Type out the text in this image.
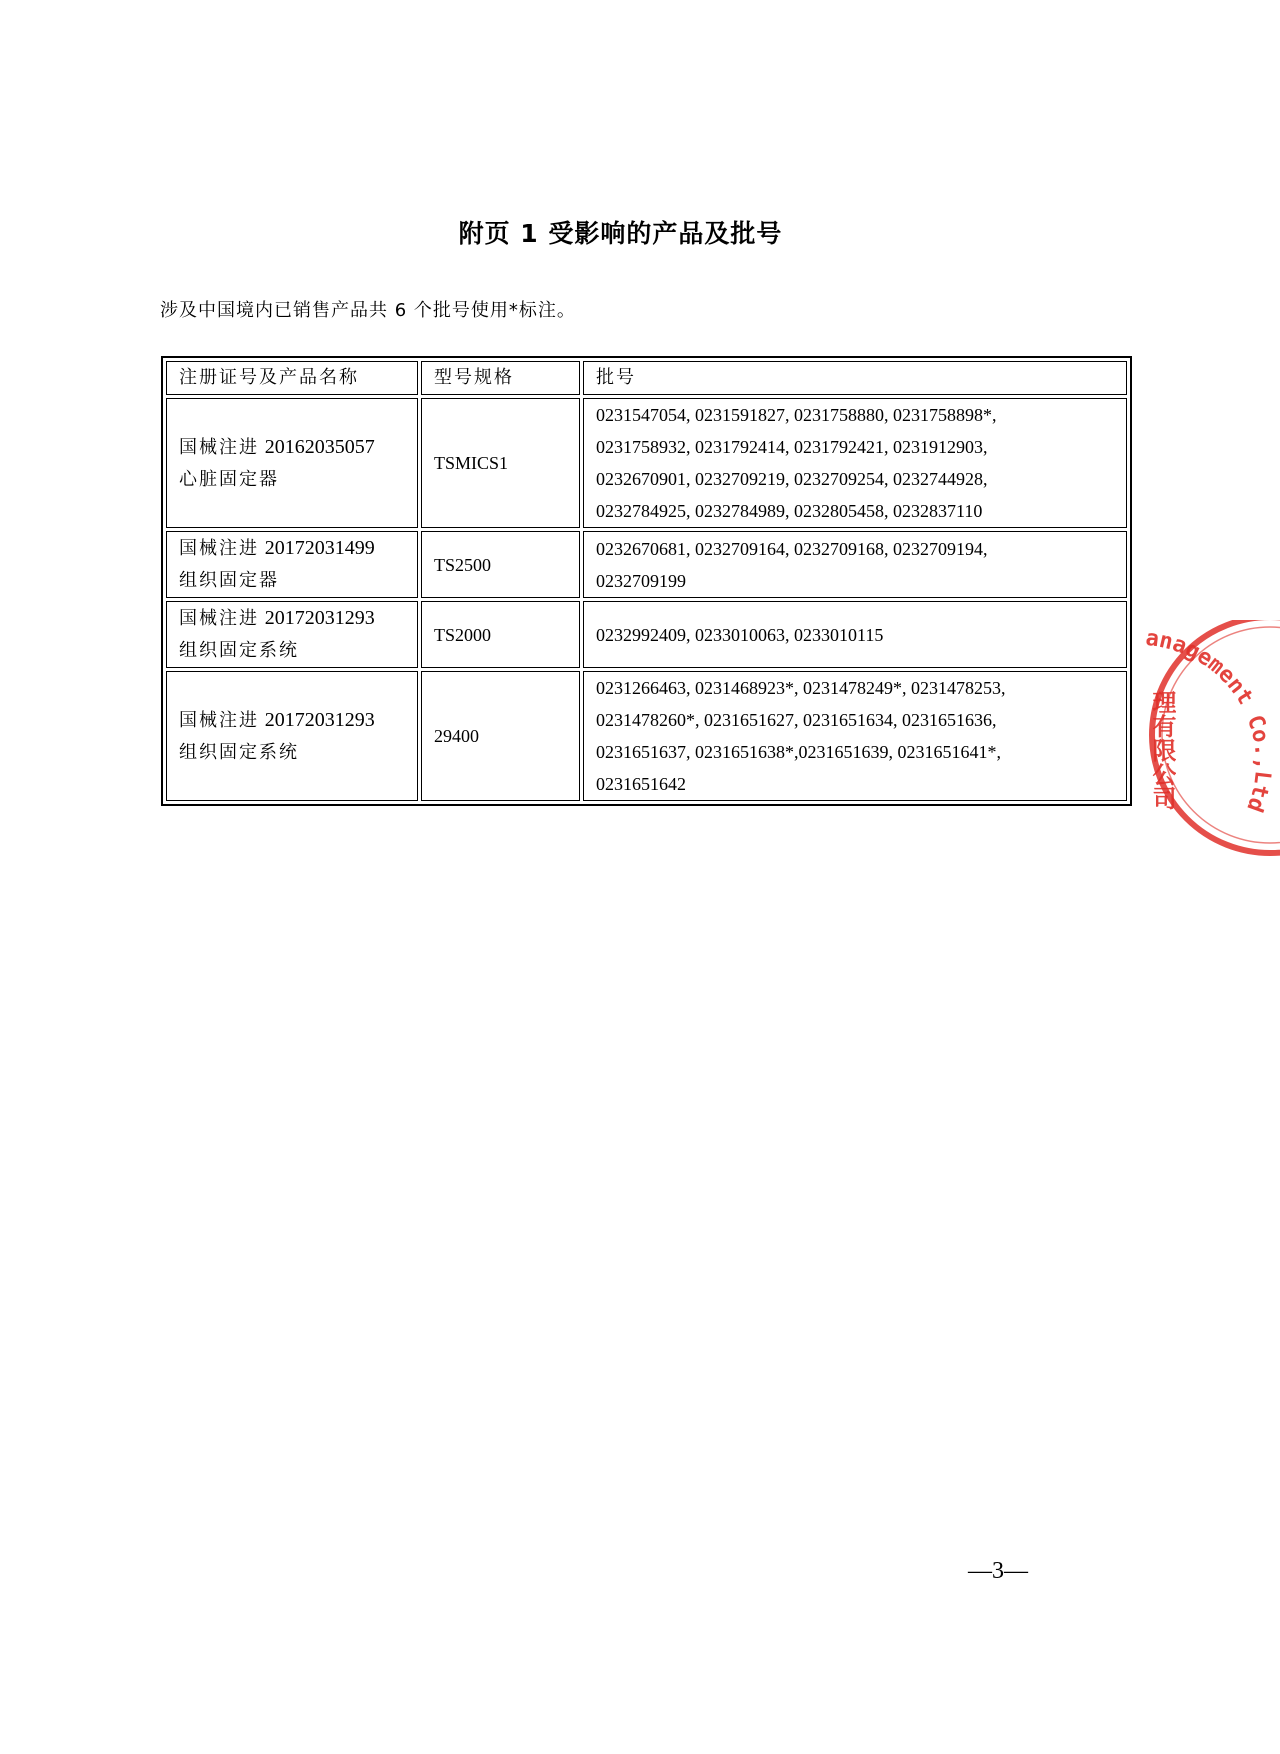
附页 1 受影响的产品及批号
涉及中国境内已销售产品共 6 个批号使用*标注。
注册证号及产品名称	型号规格	批号
国械注进 20162035057
心脏固定器	TSMICS1	0231547054, 0231591827, 0231758880, 0231758898*,
0231758932, 0231792414, 0231792421, 0231912903,
0232670901, 0232709219, 0232709254, 0232744928,
0232784925, 0232784989, 0232805458, 0232837110

国械注进 20172031499
组织固定器	TS2500	0232670681, 0232709164, 0232709168, 0232709194,
0232709199

国械注进 20172031293
组织固定系统	TS2000	0232992409, 0233010063, 0233010115

国械注进 20172031293
组织固定系统	29400	0231266463, 0231468923*, 0231478249*, 0231478253,
0231478260*, 0231651627, 0231651634, 0231651636,
0231651637, 0231651638*,0231651639, 0231651641*,
0231651642
anagement Co.,Ltd
理有限公司
—3—
